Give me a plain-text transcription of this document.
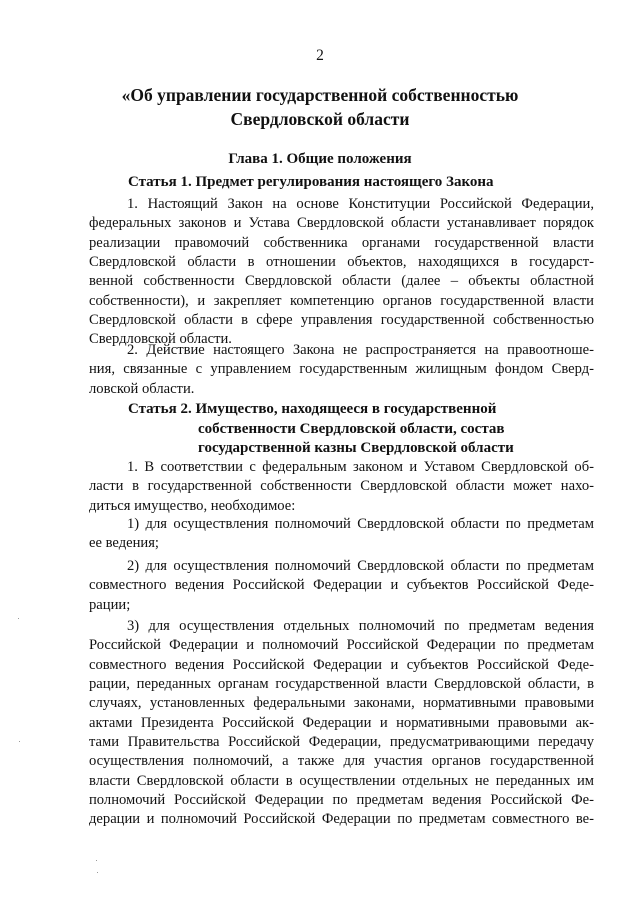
2

«Об управлении государственной собственностью
Свердловской области
Глава 1. Общие положения
Статья 1. Предмет регулирования настоящего Закона

1. Настоящий Закон на основе Конституции Российской Федерации,
федеральных законов и Устава Свердловской области устанавливает порядок
реализации правомочий собственника органами государственной власти
Свердловской области в отношении объектов, находящихся в государст-
венной собственности Свердловской области (далее – объекты областной
собственности), и закрепляет компетенцию органов государственной власти
Свердловской области в сфере управления государственной собственностью
Свердловской области.

2. Действие настоящего Закона не распространяется на правоотноше-
ния, связанные с управлением государственным жилищным фондом Сверд-
ловской области.

Статья 2. Имущество, находящееся в государственной
собственности Свердловской области, состав
государственной казны Свердловской области

1. В соответствии с федеральным законом и Уставом Свердловской об-
ласти в государственной собственности Свердловской области может нахо-
диться имущество, необходимое:

1) для осуществления полномочий Свердловской области по предметам
ее ведения;

2) для осуществления полномочий Свердловской области по предметам
совместного ведения Российской Федерации и субъектов Российской Феде-
рации;

3) для осуществления отдельных полномочий по предметам ведения
Российской Федерации и полномочий Российской Федерации по предметам
совместного ведения Российской Федерации и субъектов Российской Феде-
рации, переданных органам государственной власти Свердловской области, в
случаях, установленных федеральными законами, нормативными правовыми
актами Президента Российской Федерации и нормативными правовыми ак-
тами Правительства Российской Федерации, предусматривающими передачу
осуществления полномочий, а также для участия органов государственной
власти Свердловской области в осуществлении отдельных не переданных им
полномочий Российской Федерации по предметам ведения Российской Фе-
дерации и полномочий Российской Федерации по предметам совместного ве-
